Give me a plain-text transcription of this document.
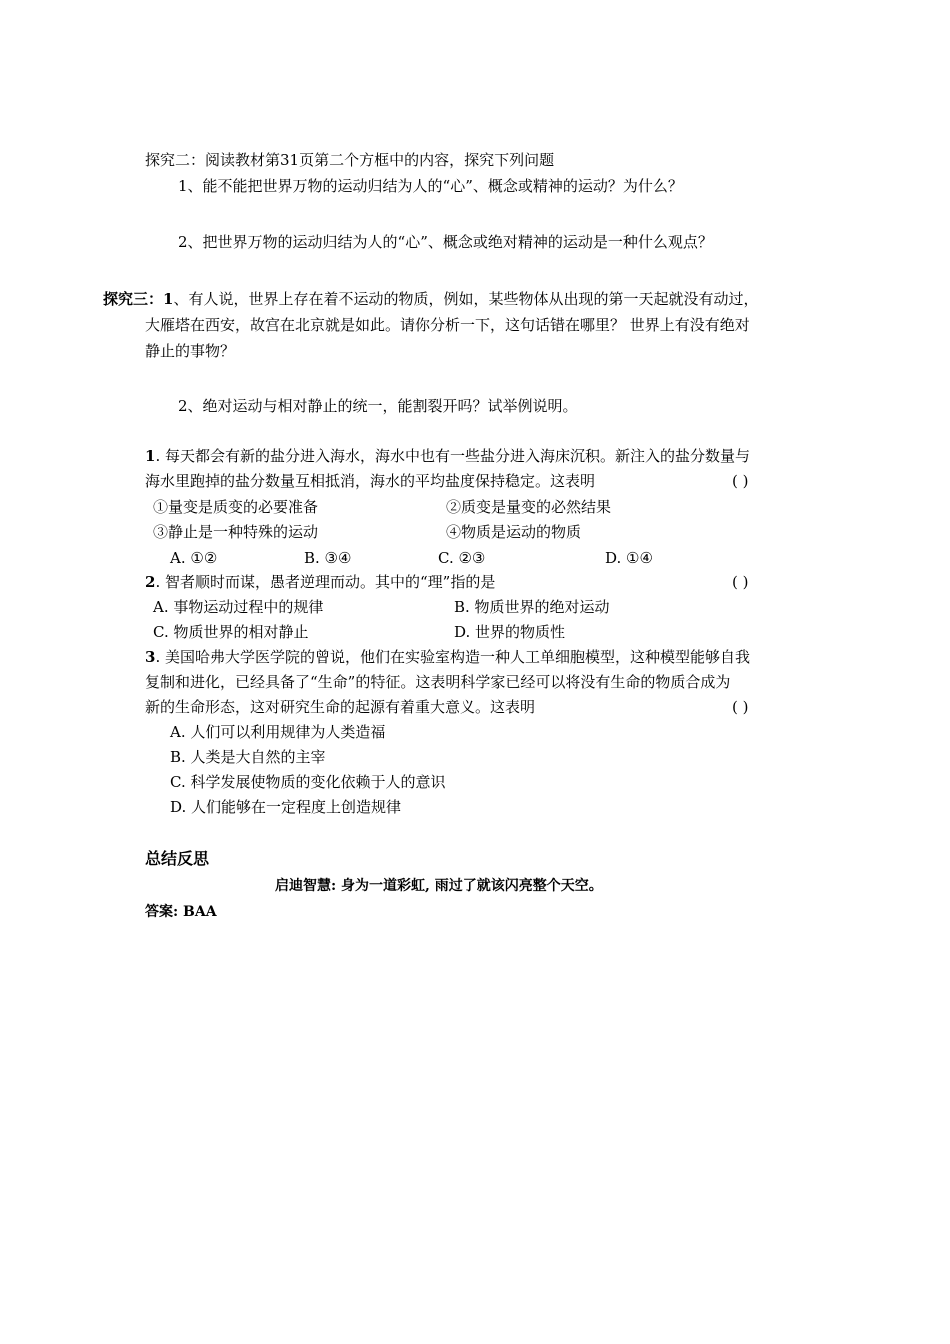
探究二：阅读教材第31页第二个方框中的内容，探究下列问题
1、能不能把世界万物的运动归结为人的“心”、概念或精神的运动？为什么？
2、把世界万物的运动归结为人的“心”、概念或绝对精神的运动是一种什么观点？
探究三：1、有人说，世界上存在着不运动的物质，例如，某些物体从出现的第一天起就没有动过，
大雁塔在西安，故宫在北京就是如此。请你分析一下，这句话错在哪里？ 世界上有没有绝对
静止的事物？
2、绝对运动与相对静止的统一，能割裂开吗？试举例说明。
1. 每天都会有新的盐分进入海水，海水中也有一些盐分进入海床沉积。新注入的盐分数量与
海水里跑掉的盐分数量互相抵消，海水的平均盐度保持稳定。这表明	( )
①量变是质变的必要准备	②质变是量变的必然结果
③静止是一种特殊的运动	④物质是运动的物质
A. ①②	B. ③④	C. ②③	D. ①④
2. 智者顺时而谋，愚者逆理而动。其中的“理”指的是	( )
A. 事物运动过程中的规律	B. 物质世界的绝对运动
C. 物质世界的相对静止	D. 世界的物质性
3. 美国哈弗大学医学院的曾说，他们在实验室构造一种人工单细胞模型，这种模型能够自我
复制和进化，已经具备了“生命”的特征。这表明科学家已经可以将没有生命的物质合成为
新的生命形态，这对研究生命的起源有着重大意义。这表明	( )
A. 人们可以利用规律为人类造福
B. 人类是大自然的主宰
C. 科学发展使物质的变化依赖于人的意识
D. 人们能够在一定程度上创造规律
总结反思
启迪智慧: 身为一道彩虹, 雨过了就该闪亮整个天空。
答案: BAA
